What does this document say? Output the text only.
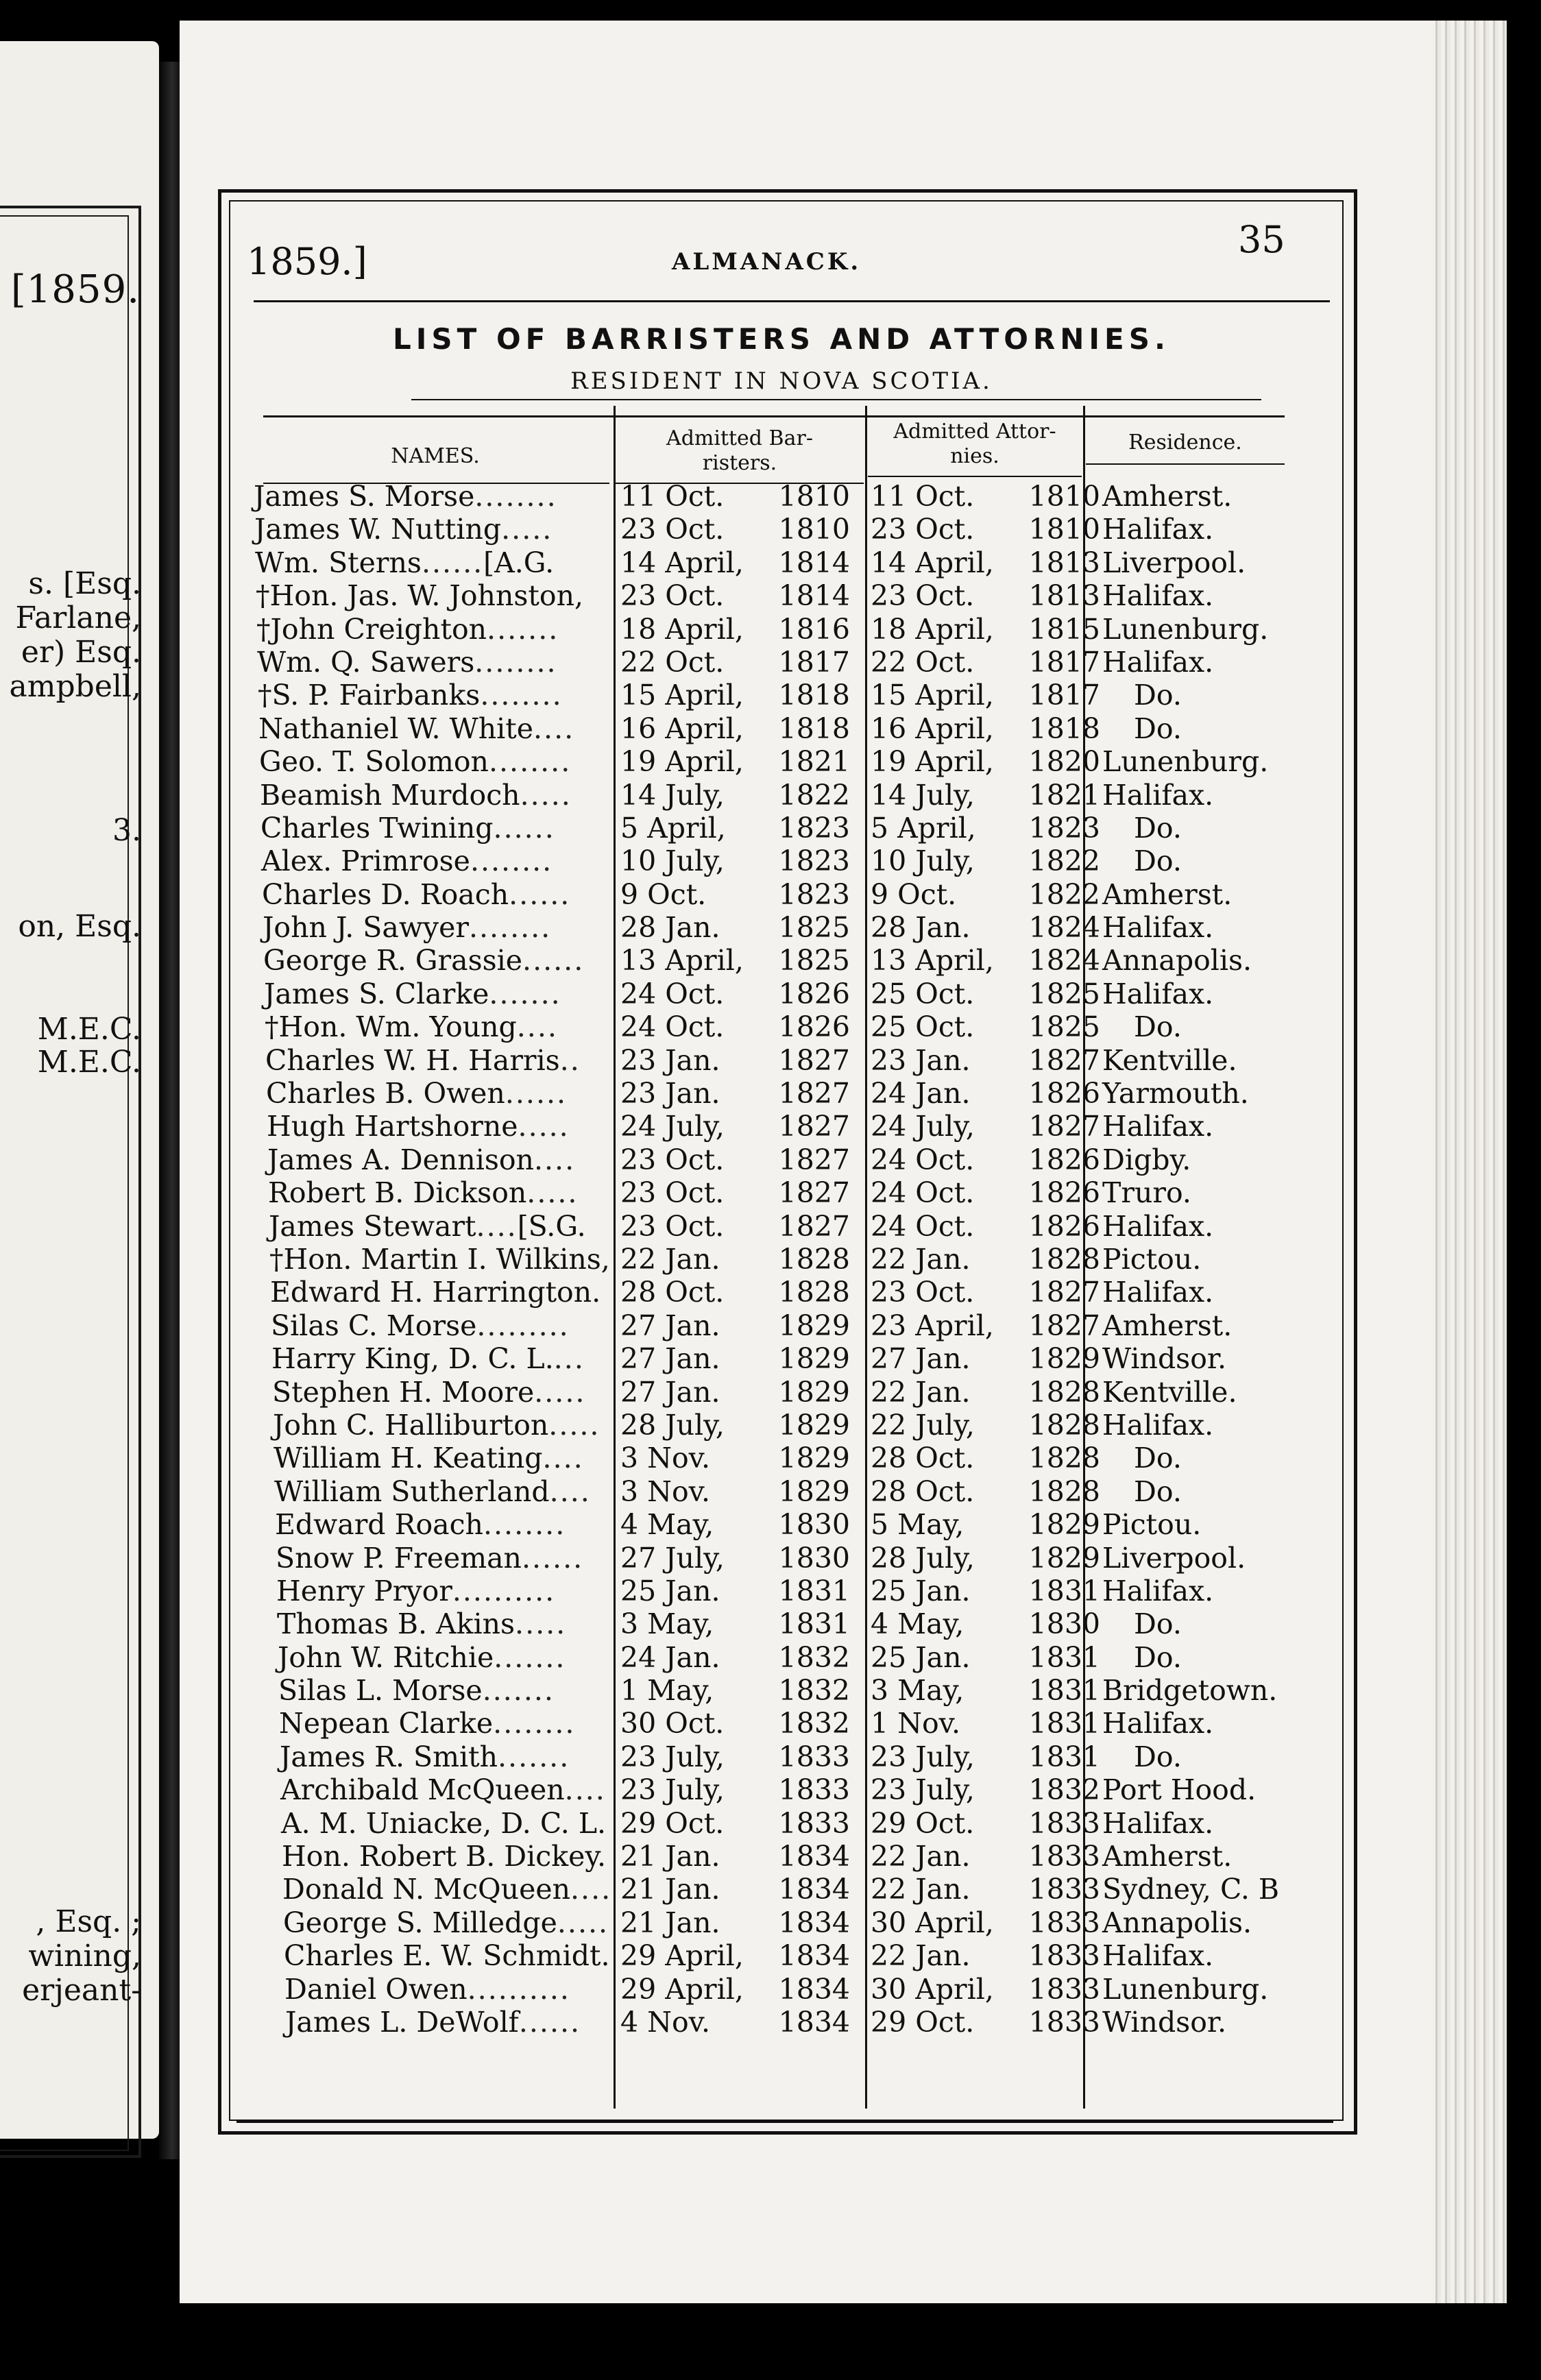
[1859.
s. [Esq.
Farlane,
er) Esq.
ampbell,
3.
on, Esq.
M.E.C.
M.E.C.
, Esq. ;
wining,
erjeant-
1859.]	ALMANACK.
35
LIST OF BARRISTERS AND ATTORNIES.
RESIDENT IN NOVA SCOTIA.
NAMES.
Admitted Bar-
risters.
Admitted Attor-
nies.
Residence.
James S. Morse........	11 Oct. 1810 11 Oct. 1810 Amherst.
James W. Nutting.....	23 Oct. 1810 23 Oct. 1810 Halifax.
Wm. Sterns......[A.G.	14 April, 1814 14 April, 1813 Liverpool.
†Hon. Jas. W. Johnston,	23 Oct. 1814 23 Oct. 1813 Halifax.
†John Creighton.......	18 April, 1816 18 April, 1815 Lunenburg.
Wm. Q. Sawers........	22 Oct. 1817 22 Oct. 1817 Halifax.
†S. P. Fairbanks........	15 April, 1818 15 April, 1817	Do.
Nathaniel W. White....	16 April, 1818 16 April, 1818	Do.
Geo. T. Solomon........	19 April, 1821 19 April, 1820 Lunenburg.
Beamish Murdoch.....	14 July, 1822 14 July, 1821 Halifax.
Charles Twining......	5 April, 1823 5 April, 1823	Do.
Alex. Primrose........	10 July, 1823 10 July, 1822	Do.
Charles D. Roach......	9 Oct.	1823 9 Oct.	1822 Amherst.
John J. Sawyer........	28 Jan. 1825 28 Jan. 1824 Halifax.
George R. Grassie......	13 April, 1825 13 April, 1824 Annapolis.
James S. Clarke.......	24 Oct. 1826 25 Oct. 1825 Halifax.
†Hon. Wm. Young....	24 Oct. 1826 25 Oct. 1825	Do.
Charles W. H. Harris..	23 Jan. 1827 23 Jan. 1827 Kentville.
Charles B. Owen......	23 Jan. 1827 24 Jan. 1826 Yarmouth.
Hugh Hartshorne.....	24 July, 1827 24 July, 1827 Halifax.
James A. Dennison....	23 Oct. 1827 24 Oct. 1826 Digby.
Robert B. Dickson.....	23 Oct. 1827 24 Oct. 1826 Truro.
James Stewart....[S.G.	23 Oct. 1827 24 Oct. 1826 Halifax.
†Hon. Martin I. Wilkins, 22 Jan. 1828 22 Jan. 1828 Pictou.
Edward H. Harrington. 28 Oct. 1828 23 Oct. 1827 Halifax.
Silas C. Morse.........	27 Jan. 1829 23 April, 1827 Amherst.
Harry King, D. C. L....	27 Jan. 1829 27 Jan. 1829 Windsor.
Stephen H. Moore.....	27 Jan. 1829 22 Jan. 1828 Kentville.
John C. Halliburton..... 28 July, 1829 22 July, 1828 Halifax.
William H. Keating....	3 Nov. 1829 28 Oct. 1828	Do.
William Sutherland....	3 Nov. 1829 28 Oct. 1828	Do.
Edward Roach........	4 May, 1830 5 May, 1829 Pictou.
Snow P. Freeman......	27 July, 1830 28 July, 1829 Liverpool.
Henry Pryor..........	25 Jan. 1831 25 Jan. 1831 Halifax.
Thomas B. Akins.....	3 May, 1831 4 May, 1830	Do.
John W. Ritchie.......	24 Jan. 1832 25 Jan. 1831	Do.
Silas L. Morse.......	1 May, 1832 3 May, 1831 Bridgetown.
Nepean Clarke........	30 Oct. 1832 1 Nov. 1831 Halifax.
James R. Smith.......	23 July, 1833 23 July, 1831	Do.
Archibald McQueen.... 23 July, 1833 23 July, 1832 Port Hood.
A. M. Uniacke, D. C. L. 29 Oct. 1833 29 Oct. 1833 Halifax.
Hon. Robert B. Dickey. 21 Jan. 1834 22 Jan. 1833 Amherst.
Donald N. McQueen.... 21 Jan. 1834 22 Jan. 1833 Sydney, C. B
George S. Milledge..... 21 Jan. 1834 30 April, 1833 Annapolis.
Charles E. W. Schmidt. 29 April, 1834 22 Jan. 1833 Halifax.
Daniel Owen..........	29 April, 1834 30 April, 1833 Lunenburg.
James L. DeWolf......	4 Nov. 1834 29 Oct. 1833 Windsor.
